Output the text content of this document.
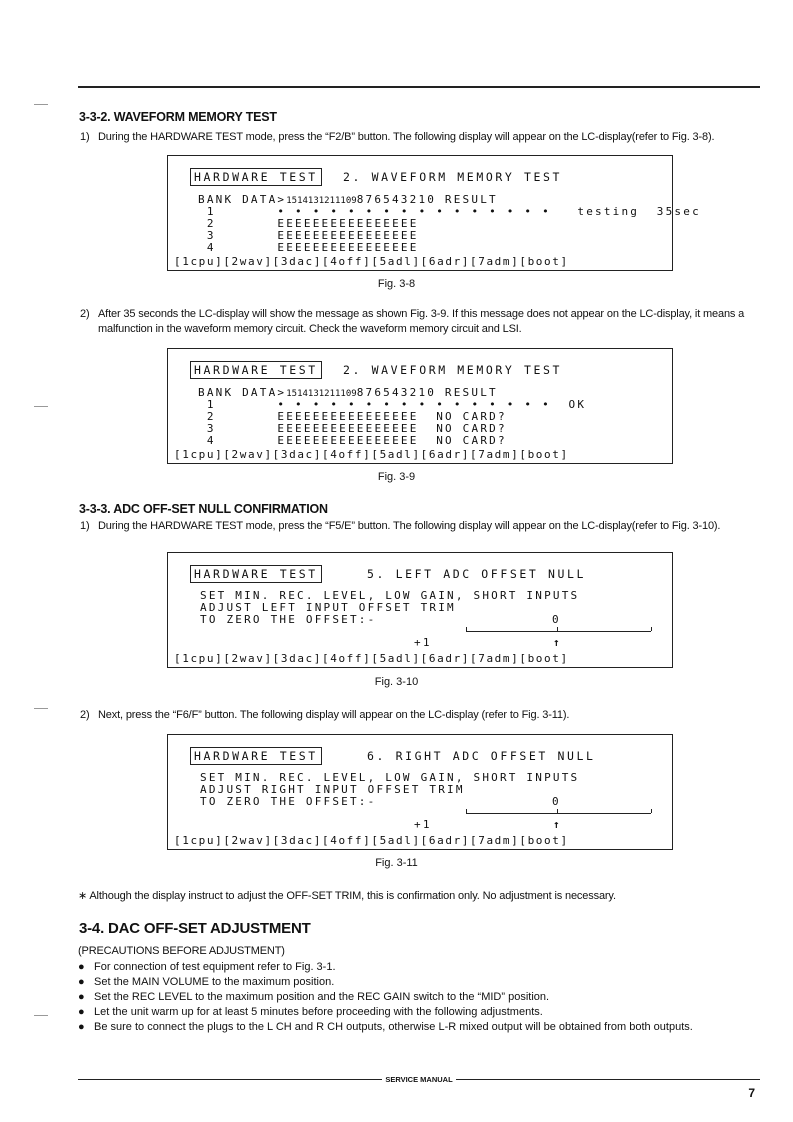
3-3-2. WAVEFORM MEMORY TEST
1) During the HARDWARE TEST mode, press the “F2/B” button. The following display will appear on the LC-display(refer to Fig. 3-8).
HARDWARE TEST	2. WAVEFORM MEMORY TEST
BANK DATA>1514131211109876543210 RESULT
1       • • • • • • • • • • • • • • • •   testing  35sec
2       EEEEEEEEEEEEEEEE
3       EEEEEEEEEEEEEEEE
4       EEEEEEEEEEEEEEEE
[1cpu][2wav][3dac][4off][5adl][6adr][7adm][boot]
Fig. 3-8
2) After 35 seconds the LC-display will show the message as shown Fig. 3-9. If this message does not appear on the LC-display, it means a malfunction in the waveform memory circuit. Check the waveform memory circuit and LSI.
HARDWARE TEST	2. WAVEFORM MEMORY TEST
BANK DATA>1514131211109876543210 RESULT
1       • • • • • • • • • • • • • • • •  OK
2       EEEEEEEEEEEEEEEE  NO CARD?
3       EEEEEEEEEEEEEEEE  NO CARD?
4       EEEEEEEEEEEEEEEE  NO CARD?
[1cpu][2wav][3dac][4off][5adl][6adr][7adm][boot]
Fig. 3-9
3-3-3. ADC OFF-SET NULL CONFIRMATION
1) During the HARDWARE TEST mode, press the “F5/E” button. The following display will appear on the LC-display(refer to Fig. 3-10).
HARDWARE TEST	5. LEFT ADC OFFSET NULL
SET MIN. REC. LEVEL, LOW GAIN, SHORT INPUTS
ADJUST LEFT INPUT OFFSET TRIM
TO ZERO THE OFFSET:-	0
+1	↑
[1cpu][2wav][3dac][4off][5adl][6adr][7adm][boot]
Fig. 3-10
2) Next, press the “F6/F” button. The following display will appear on the LC-display (refer to Fig. 3-11).
HARDWARE TEST	6. RIGHT ADC OFFSET NULL
SET MIN. REC. LEVEL, LOW GAIN, SHORT INPUTS
ADJUST RIGHT INPUT OFFSET TRIM
TO ZERO THE OFFSET:-	0
+1	↑
[1cpu][2wav][3dac][4off][5adl][6adr][7adm][boot]
Fig. 3-11
∗ Although the display instruct to adjust the OFF-SET TRIM, this is confirmation only. No adjustment is necessary.
3-4. DAC OFF-SET ADJUSTMENT
(PRECAUTIONS BEFORE ADJUSTMENT)
● For connection of test equipment refer to Fig. 3-1.
● Set the MAIN VOLUME to the maximum position.
● Set the REC LEVEL to the maximum position and the REC GAIN switch to the “MID” position.
● Let the unit warm up for at least 5 minutes before proceeding with the following adjustments.
● Be sure to connect the plugs to the L CH and R CH outputs, otherwise L-R mixed output will be obtained from both outputs.
SERVICE MANUAL
7
